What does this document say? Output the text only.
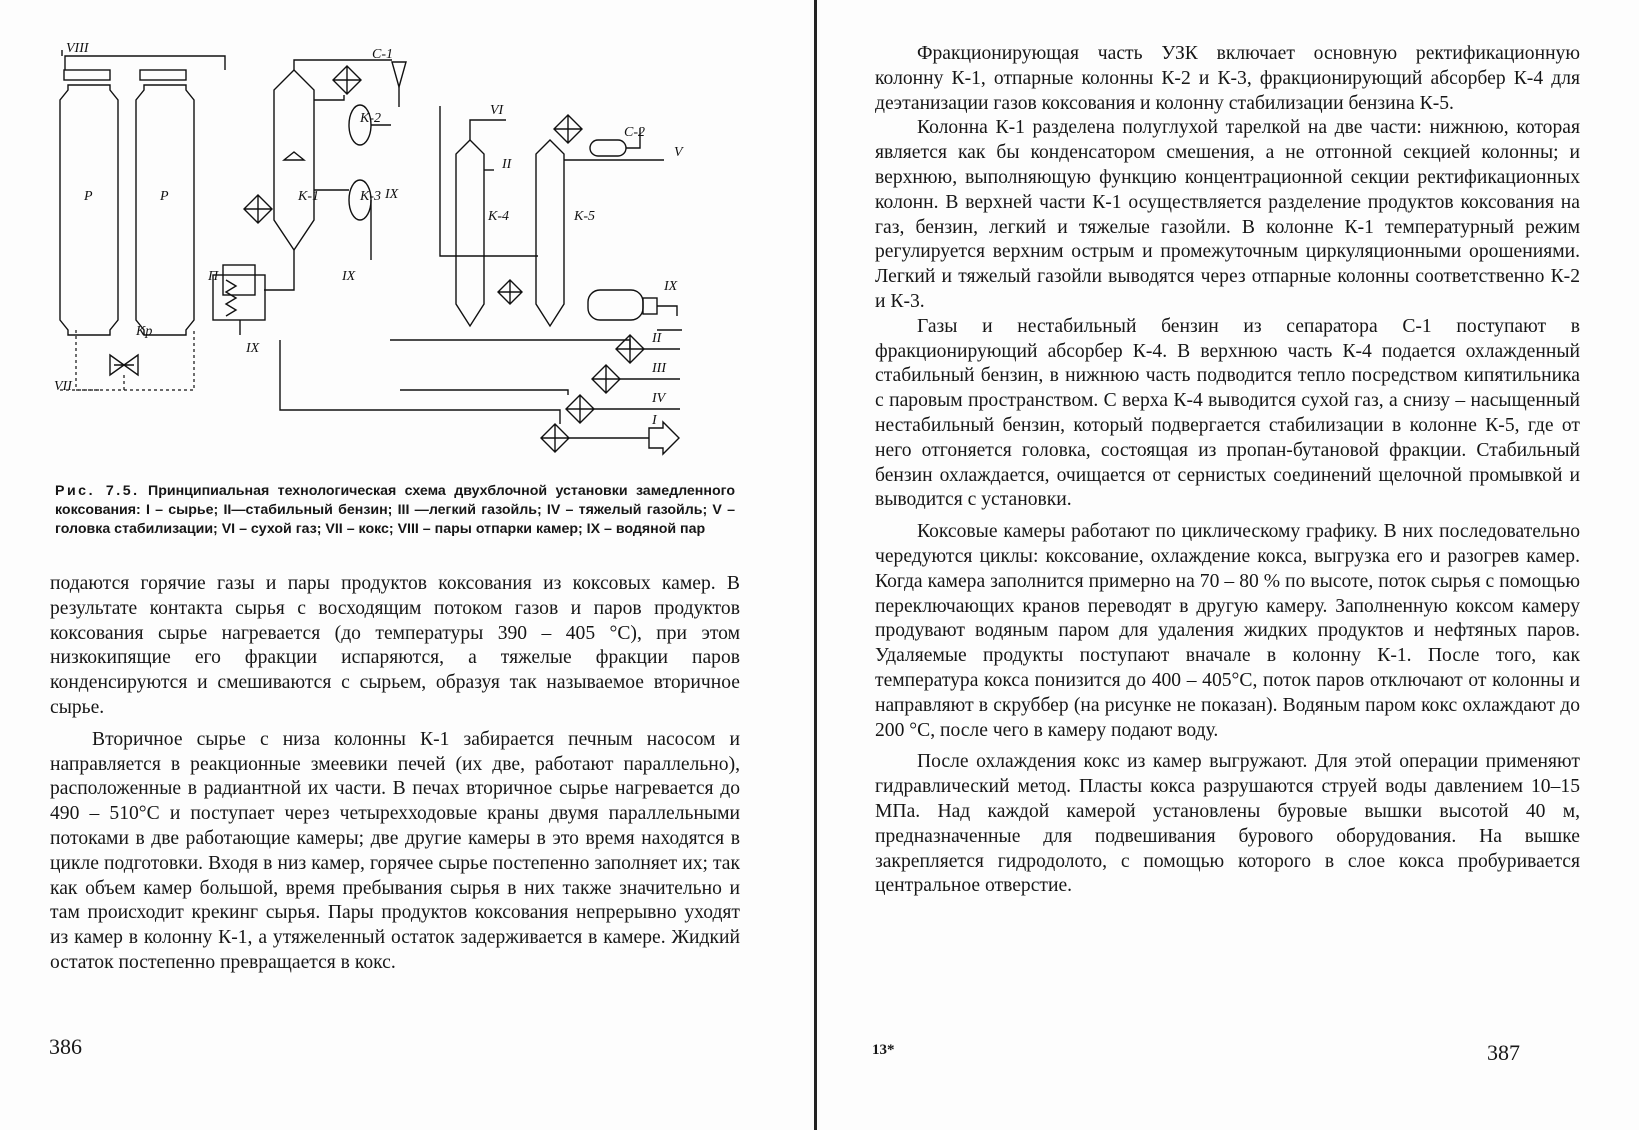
VIII
VII
P	P
Kp
П
IX
C-1
C-2
K-1
K-2
K-3
K-4	K-5
VI
V
II
II
III
IV
I
IX
IX
IX
Рис. 7.5. Принципиальная технологическая схема двухблочной установки замедленного коксования: I – сырье; II—стабильный бензин; III —легкий газойль; IV – тяжелый газойль; V – головка стабилизации; VI – сухой газ; VII – кокс; VIII – пары отпарки камер; IX – водяной пар

подаются горячие газы и пары продуктов коксования из коксовых камер. В результате контакта сырья с восходящим потоком газов и паров продуктов коксования сырье нагревается (до температуры 390 – 405 °С), при этом низкокипящие его фракции испаряются, а тяжелые фракции паров конденсируются и смешиваются с сырьем, образуя так называемое вторичное сырье.

Вторичное сырье с низа колонны К-1 забирается печным насосом и направляется в реакционные змеевики печей (их две, работают параллельно), расположенные в радиантной их части. В печах вторичное сырье нагревается до 490 – 510°С и поступает через четырехходовые краны двумя параллельными потоками в две работающие камеры; две другие камеры в это время находятся в цикле подготовки. Входя в низ камер, горячее сырье постепенно заполняет их; так как объем камер большой, время пребывания сырья в них также значительно и там происходит крекинг сырья. Пары продуктов коксования непрерывно уходят из камер в колонну К-1, а утяжеленный остаток задерживается в камере. Жидкий остаток постепенно превращается в кокс.

386

Фракционирующая часть УЗК включает основную ректификационную колонну К-1, отпарные колонны К-2 и К-3, фракционирующий абсорбер К-4 для деэтанизации газов коксования и колонну стабилизации бензина К-5.

Колонна К-1 разделена полуглухой тарелкой на две части: нижнюю, которая является как бы конденсатором смешения, а не отгонной секцией колонны; и верхнюю, выполняющую функцию концентрационной секции ректификационных колонн. В верхней части К-1 осуществляется разделение продуктов коксования на газ, бензин, легкий и тяжелые газойли. В колонне К-1 температурный режим регулируется верхним острым и промежуточным циркуляционными орошениями. Легкий и тяжелый газойли выводятся через отпарные колонны соответственно К-2 и К-3.

Газы и нестабильный бензин из сепаратора С-1 поступают в фракционирующий абсорбер К-4. В верхнюю часть К-4 подается охлажденный стабильный бензин, в нижнюю часть подводится тепло посредством кипятильника с паровым пространством. С верха К-4 выводится сухой газ, а снизу – насыщенный нестабильный бензин, который подвергается стабилизации в колонне К-5, где от него отгоняется головка, состоящая из пропан-бутановой фракции. Стабильный бензин охлаждается, очищается от сернистых соединений щелочной промывкой и выводится с установки.

Коксовые камеры работают по циклическому графику. В них последовательно чередуются циклы: коксование, охлаждение кокса, выгрузка его и разогрев камер. Когда камера заполнится примерно на 70 – 80 % по высоте, поток сырья с помощью переключающих кранов переводят в другую камеру. Заполненную коксом камеру продувают водяным паром для удаления жидких продуктов и нефтяных паров. Удаляемые продукты поступают вначале в колонну К-1. После того, как температура кокса понизится до 400 – 405°С, поток паров отключают от колонны и направляют в скруббер (на рисунке не показан). Водяным паром кокс охлаждают до 200 °С, после чего в камеру подают воду.

После охлаждения кокс из камер выгружают. Для этой операции применяют гидравлический метод. Пласты кокса разрушаются струей воды давлением 10–15 МПа. Над каждой камерой установлены буровые вышки высотой 40 м, предназначенные для подвешивания бурового оборудования. На вышке закрепляется гидродолото, с помощью которого в слое кокса пробуривается центральное отверстие.

13*	387
